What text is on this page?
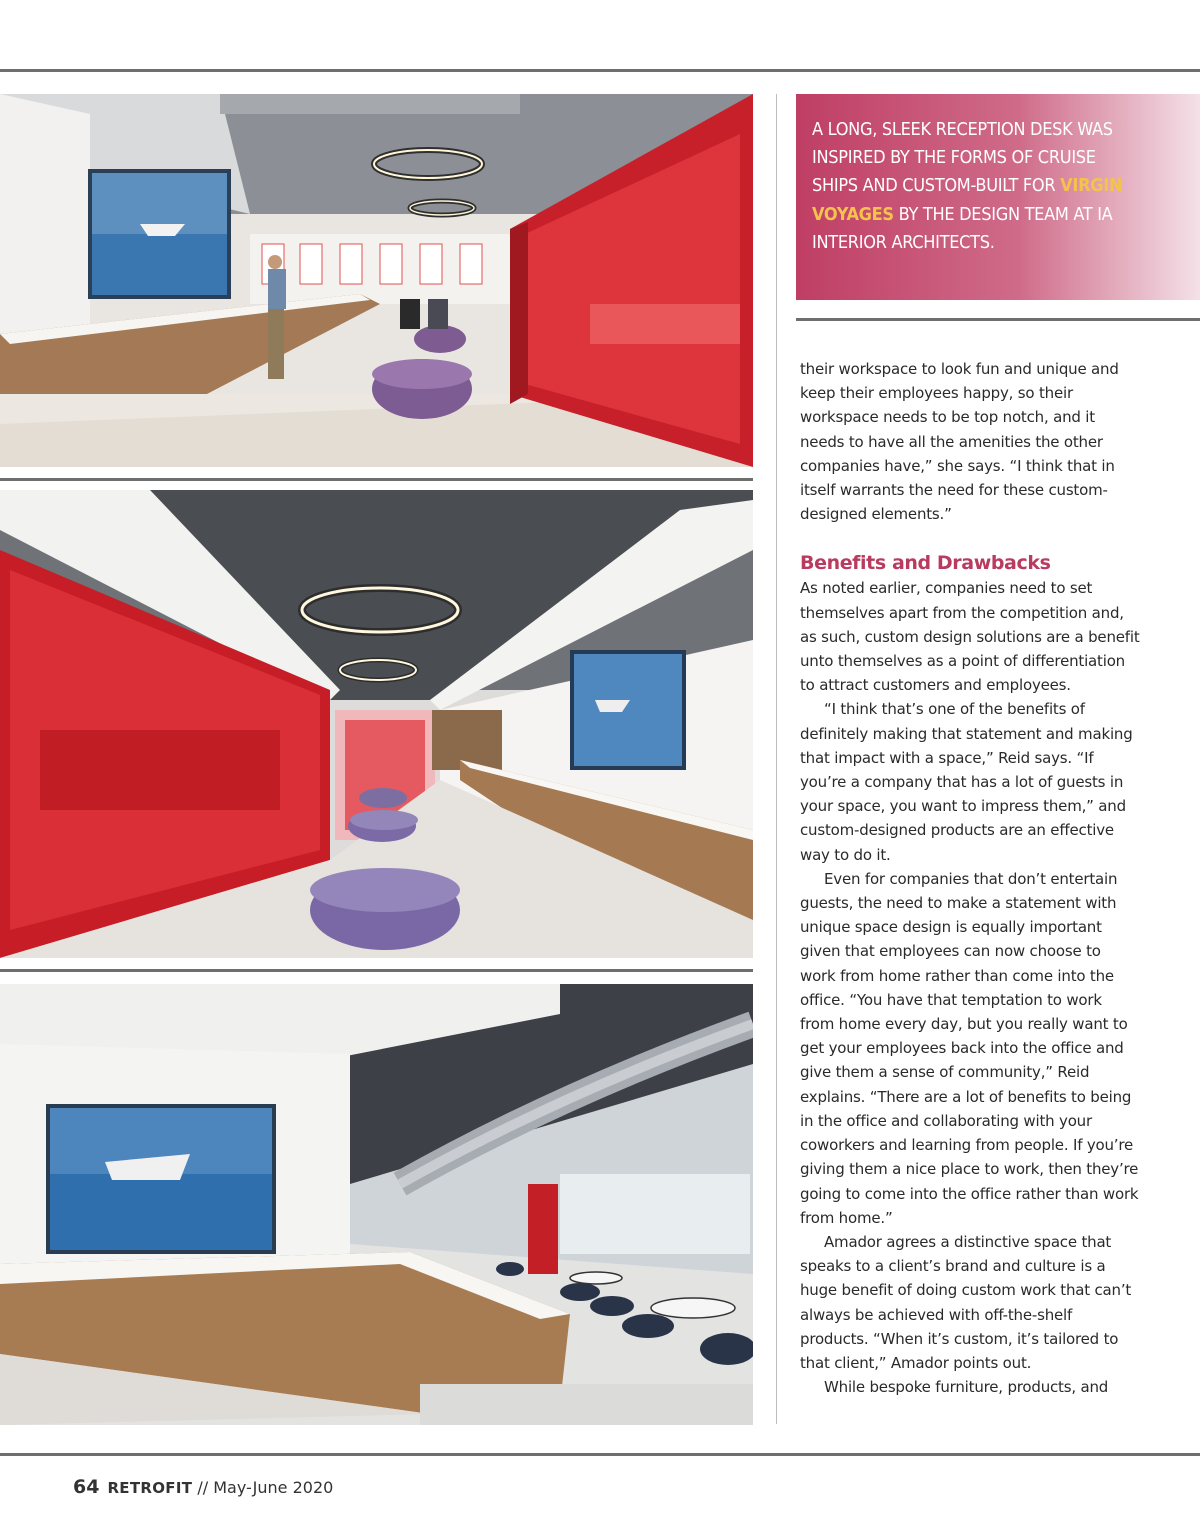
A LONG, SLEEK RECEPTION DESK WAS INSPIRED BY THE FORMS OF CRUISE SHIPS AND CUSTOM-BUILT FOR VIRGIN VOYAGES BY THE DESIGN TEAM AT IA INTERIOR ARCHITECTS.

their workspace to look fun and unique and keep their employees happy, so their workspace needs to be top notch, and it needs to have all the amenities the other companies have,” she says. “I think that in itself warrants the need for these custom-designed elements.”

Benefits and Drawbacks

As noted earlier, companies need to set themselves apart from the competition and, as such, custom design solutions are a benefit unto themselves as a point of differentiation to attract customers and employees.

“I think that’s one of the benefits of definitely making that statement and making that impact with a space,” Reid says. “If you’re a company that has a lot of guests in your space, you want to impress them,” and custom-designed products are an effective way to do it.

Even for companies that don’t entertain guests, the need to make a statement with unique space design is equally important given that employees can now choose to work from home rather than come into the office. “You have that temptation to work from home every day, but you really want to get your employees back into the office and give them a sense of community,” Reid explains. “There are a lot of benefits to being in the office and collaborating with your coworkers and learning from people. If you’re giving them a nice place to work, then they’re going to come into the office rather than work from home.”

Amador agrees a distinctive space that speaks to a client’s brand and culture is a huge benefit of doing custom work that can’t always be achieved with off-the-shelf products. “When it’s custom, it’s tailored to that client,” Amador points out.

While bespoke furniture, products, and

64 RETROFIT // May-June 2020
